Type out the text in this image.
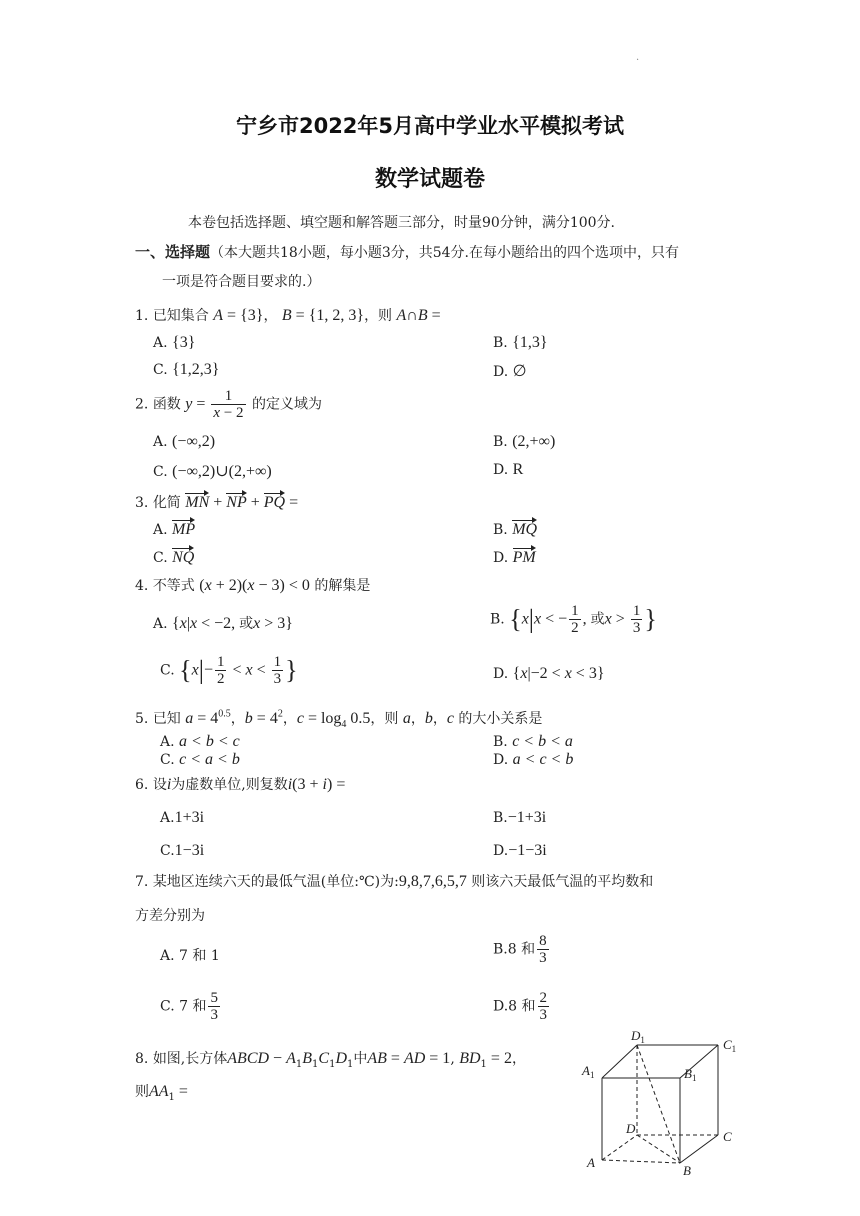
.
宁乡市2022年5月高中学业水平模拟考试
数学试题卷
本卷包括选择题、填空题和解答题三部分，时量90分钟，满分100分.
一、选择题（本大题共18小题，每小题3分，共54分.在每小题给出的四个选项中，只有
一项是符合题目要求的.）
1. 已知集合 A = {3}， B = {1, 2, 3}，则 A∩B =
A. {3}	B. {1,3}
C. {1,2,3}	D. ∅
2. 函数 $y = \frac{1}{x - 2}$ 的定义域为
A. (−∞,2)	B. (2,+∞)
C. (−∞,2)∪(2,+∞)	D. R
3. 化简 MN + NP + PQ =
A. MP	B. MQ
C. NQ	D. PM
4. 不等式 (x + 2)(x − 3) < 0 的解集是
A. {x|x < −2, 或x > 3}	B. {x|x < − $\frac{1}{2}$ , 或$x > \frac{1}{3}$ }
C. {$x|- \frac{1}{2} < x < \frac{1}{3}$ }	D. {x|−2 < x < 3}
5. 已知 $a = 4^{0.5}$，$b = 4^2$，$c = \log_4 0.5$，则 a，b，c 的大小关系是
A. a < b < c	B. c < b < a
C. c < a < b	D. a < c < b
6. 设i为虚数单位,则复数i(3 + i) =
A.1+3i	B.−1+3i
C.1−3i	D.−1−3i
7. 某地区连续六天的最低气温(单位:℃)为:9,8,7,6,5,7 则该六天最低气温的平均数和
方差分别为
A. 7 和 1	B.8 和 $\frac{8}{3}$
C. 7 和 $\frac{5}{3}$	D.8 和 $\frac{2}{3}$
8. 如图,长方体ABCD − $A_1B_1C_1D_1$中AB = AD = 1, $BD_1 = 2$，
则$AA_1$ =
$D_1$	$C_1$
$A_1$	$B_1$
D
C
A
B
